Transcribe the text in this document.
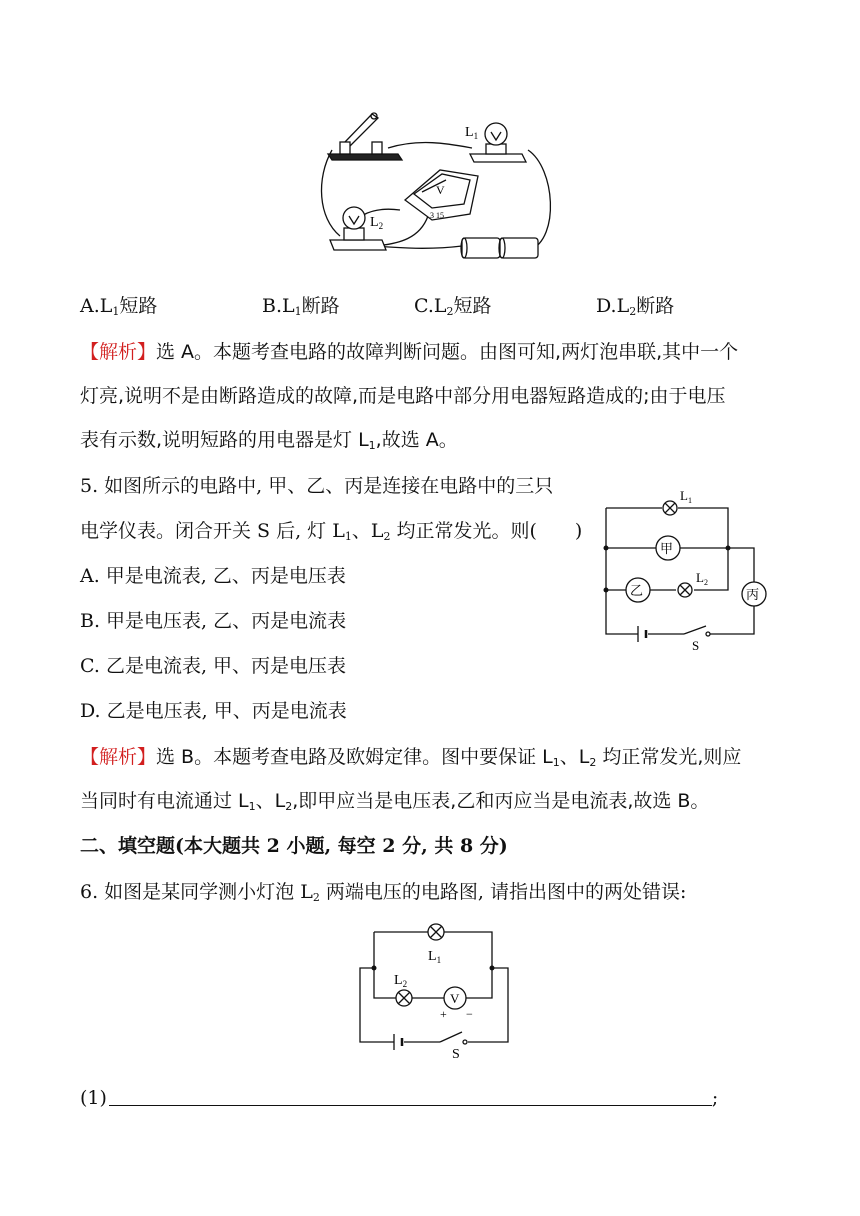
$L_1$
$L_2$
V
3 15
$A.L_1$短路	$B.L_1$断路	$C.L_2$短路	$D.L_2$断路
【解析】选 A。本题考查电路的故障判断问题。由图可知,两灯泡串联,其中一个
灯亮,说明不是由断路造成的故障,而是电路中部分用电器短路造成的;由于电压
表有示数,说明短路的用电器是灯 $L_1$,故选 A。
5. 如图所示的电路中, 甲、乙、丙是连接在电路中的三只
电学仪表。闭合开关 S 后, 灯 $L_1$、$L_2$ 均正常发光。则(　　)
A. 甲是电流表, 乙、丙是电压表
B. 甲是电压表, 乙、丙是电流表
C. 乙是电流表, 甲、丙是电压表
D. 乙是电压表, 甲、丙是电流表
甲
乙	丙
$L_1$
$L_2$
S
【解析】选 B。本题考查电路及欧姆定律。图中要保证 $L_1$、$L_2$ 均正常发光,则应
当同时有电流通过 $L_1$、$L_2$,即甲应当是电压表,乙和丙应当是电流表,故选 B。
二、填空题(本大题共 2 小题, 每空 2 分, 共 8 分)
6. 如图是某同学测小灯泡 $L_2$ 两端电压的电路图, 请指出图中的两处错误:
V
$L_1$
$L_2$
+ −
S
(1)	;
